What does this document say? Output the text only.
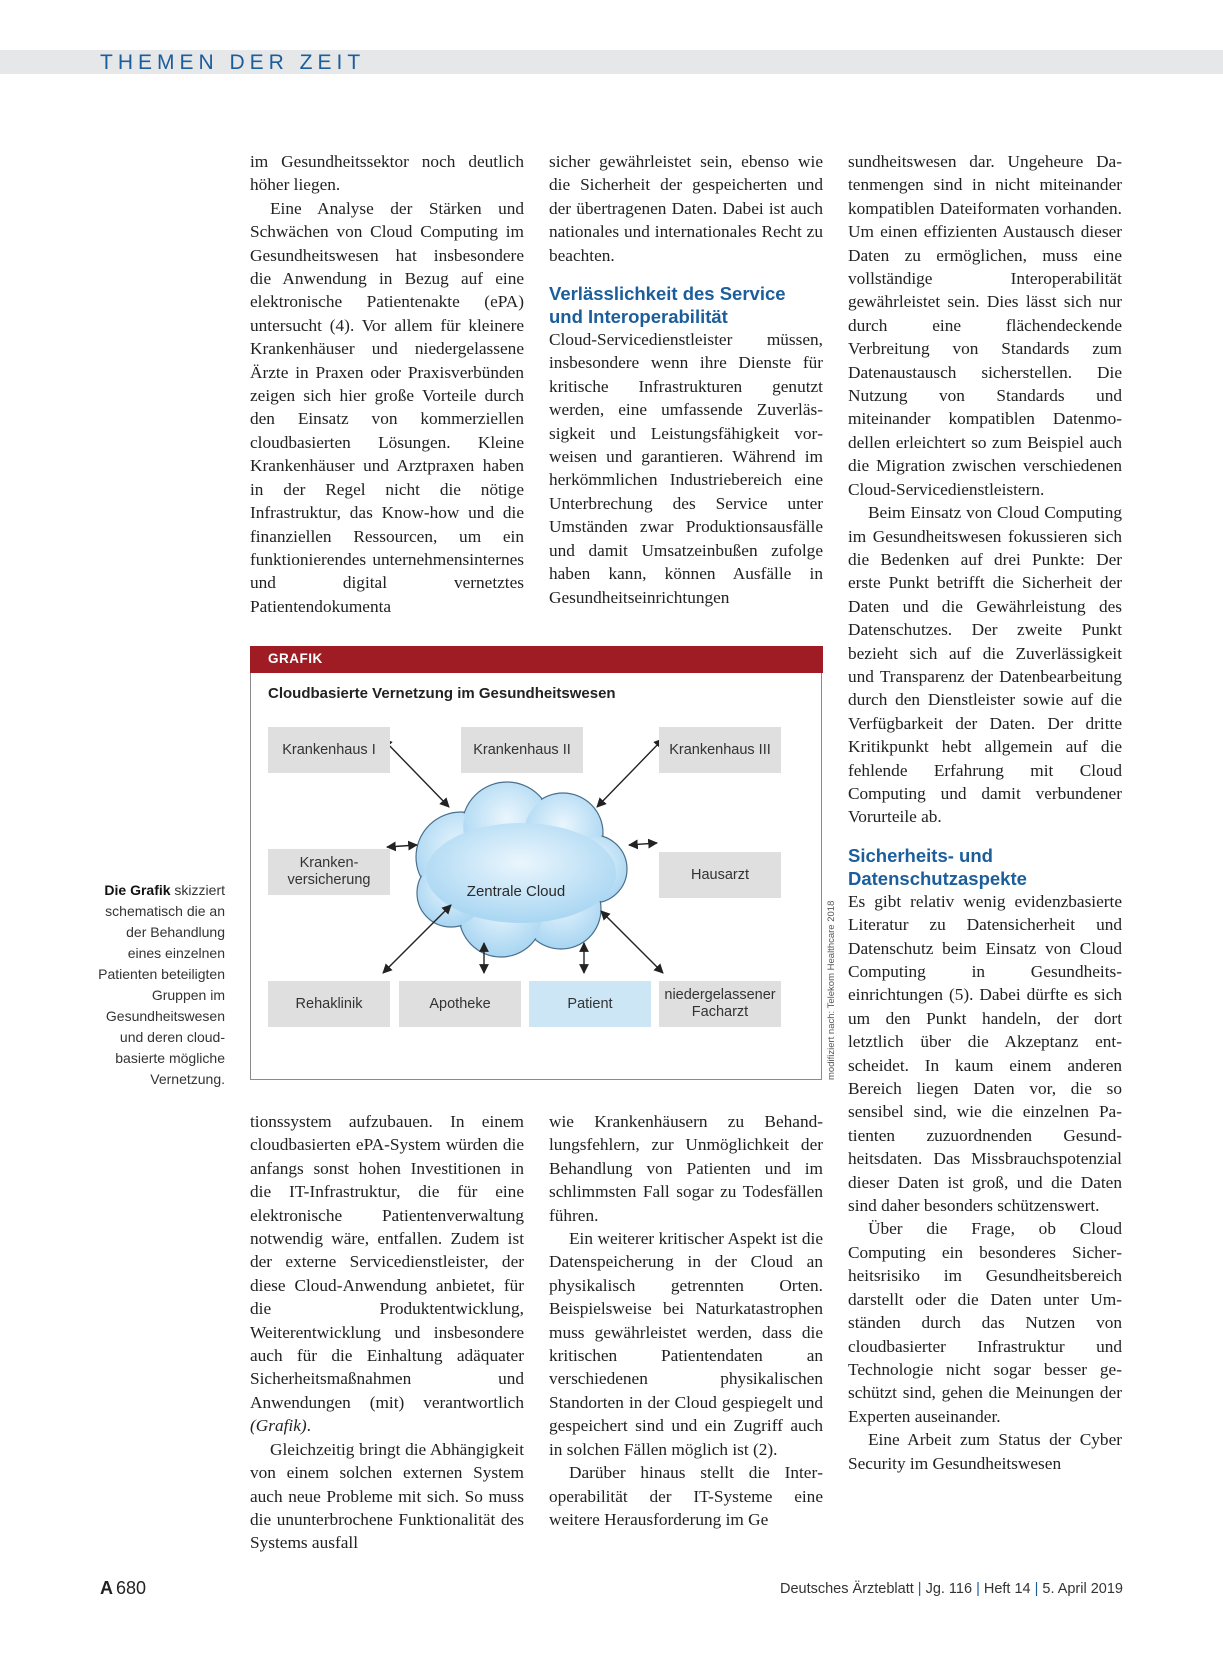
THEMEN DER ZEIT

im Gesundheitssektor noch deutlich höher liegen.

Eine Analyse der Stärken und Schwächen von Cloud Computing im Gesundheitswesen hat insbesondere die Anwendung in Bezug auf eine elektronische Patientenakte (ePA) untersucht (4). Vor allem für kleinere Krankenhäuser und niedergelassene Ärzte in Praxen oder Praxisverbünden zeigen sich hier große Vorteile durch den Einsatz von kommerziellen cloudbasierten Lösungen. Kleine Krankenhäuser und Arztpraxen haben in der Regel nicht die nötige Infrastruktur, das Know-how und die finanziellen Ressourcen, um ein funktionierendes unternehmensinternes und digital vernetztes Patientendokumenta

sicher gewährleistet sein, ebenso wie die Sicherheit der gespeicherten und der übertragenen Daten. Dabei ist auch nationales und internationales Recht zu beachten.

Verlässlichkeit des Service und Interoperabilität

Cloud-Servicedienstleister müssen, insbesondere wenn ihre Dienste für kritische Infrastrukturen genutzt werden, eine umfassende Zuverlässigkeit und Leistungsfähigkeit vorweisen und garantieren. Während im herkömmlichen Industriebereich eine Unterbrechung des Service unter Umständen zwar Produktionsausfälle und damit Umsatzeinbußen zufolge haben kann, können Ausfälle in Gesundheitseinrichtungen

sundheitswesen dar. Ungeheure Datenmengen sind in nicht miteinander kompatiblen Dateiformaten vorhanden. Um einen effizienten Austausch dieser Daten zu ermöglichen, muss eine vollständige Interoperabilität gewährleistet sein. Dies lässt sich nur durch eine flächendeckende Verbreitung von Standards zum Datenaustausch sicherstellen. Die Nutzung von Standards und miteinander kompatiblen Datenmodellen erleichtert so zum Beispiel auch die Migration zwischen verschiedenen Cloud-Servicedienstleistern.

Beim Einsatz von Cloud Computing im Gesundheitswesen fokussieren sich die Bedenken auf drei Punkte: Der erste Punkt betrifft die Sicherheit der Daten und die Gewährleistung des Datenschutzes. Der zweite Punkt bezieht sich auf die Zuverlässigkeit und Transparenz der Datenbearbeitung durch den Dienstleister sowie auf die Verfügbarkeit der Daten. Der dritte Kritikpunkt hebt allgemein auf die fehlende Erfahrung mit Cloud Computing und damit verbundener Vorurteile ab.

Sicherheits- und Datenschutzaspekte

Es gibt relativ wenig evidenzbasierte Literatur zu Datensicherheit und Datenschutz beim Einsatz von Cloud Computing in Gesundheitseinrichtungen (5). Dabei dürfte es sich um den Punkt handeln, der dort letztlich über die Akzeptanz entscheidet. In kaum einem anderen Bereich liegen Daten vor, die so sensibel sind, wie die einzelnen Patienten zuzuordnenden Gesundheitsdaten. Das Missbrauchspotenzial dieser Daten ist groß, und die Daten sind daher besonders schützenswert.

Über die Frage, ob Cloud Computing ein besonderes Sicherheitsrisiko im Gesundheitsbereich darstellt oder die Daten unter Umständen durch das Nutzen von cloudbasierter Infrastruktur und Technologie nicht sogar besser geschützt sind, gehen die Meinungen der Experten auseinander.

Eine Arbeit zum Status der Cyber Security im Gesundheitswesen

GRAFIK
Cloudbasierte Vernetzung im Gesundheitswesen
Zentrale Cloud
Krankenhaus I	Krankenhaus II	Krankenhaus III
Kranken-
versicherung	Hausarzt
Rehaklinik	Apotheke	Patient
niedergelassener
Facharzt	modifiziert nach: Telekom Healthcare 2018
Die Grafik skizziert schematisch die an der Behandlung eines einzelnen Patienten beteiligten Gruppen im Gesundheitswesen und deren cloudbasierte mögliche Vernetzung.

tionssystem aufzubauen. In einem cloudbasierten ePA-System würden die anfangs sonst hohen Investitionen in die IT-Infrastruktur, die für eine elektronische Patientenverwaltung notwendig wäre, entfallen. Zudem ist der externe Servicedienstleister, der diese Cloud-Anwendung anbietet, für die Produktentwicklung, Weiterentwicklung und insbesondere auch für die Einhaltung adäquater Sicherheitsmaßnahmen und Anwendungen (mit) verantwortlich (Grafik).

Gleichzeitig bringt die Abhängigkeit von einem solchen externen System auch neue Probleme mit sich. So muss die ununterbrochene Funktionalität des Systems ausfall

wie Krankenhäusern zu Behandlungsfehlern, zur Unmöglichkeit der Behandlung von Patienten und im schlimmsten Fall sogar zu Todesfällen führen.

Ein weiterer kritischer Aspekt ist die Datenspeicherung in der Cloud an physikalisch getrennten Orten. Beispielsweise bei Naturkatastrophen muss gewährleistet werden, dass die kritischen Patientendaten an verschiedenen physikalischen Standorten in der Cloud gespiegelt und gespeichert sind und ein Zugriff auch in solchen Fällen möglich ist (2).

Darüber hinaus stellt die Interoperabilität der IT-Systeme eine weitere Herausforderung im Ge

A 680	Deutsches Ärzteblatt | Jg. 116 | Heft 14 | 5. April 2019
